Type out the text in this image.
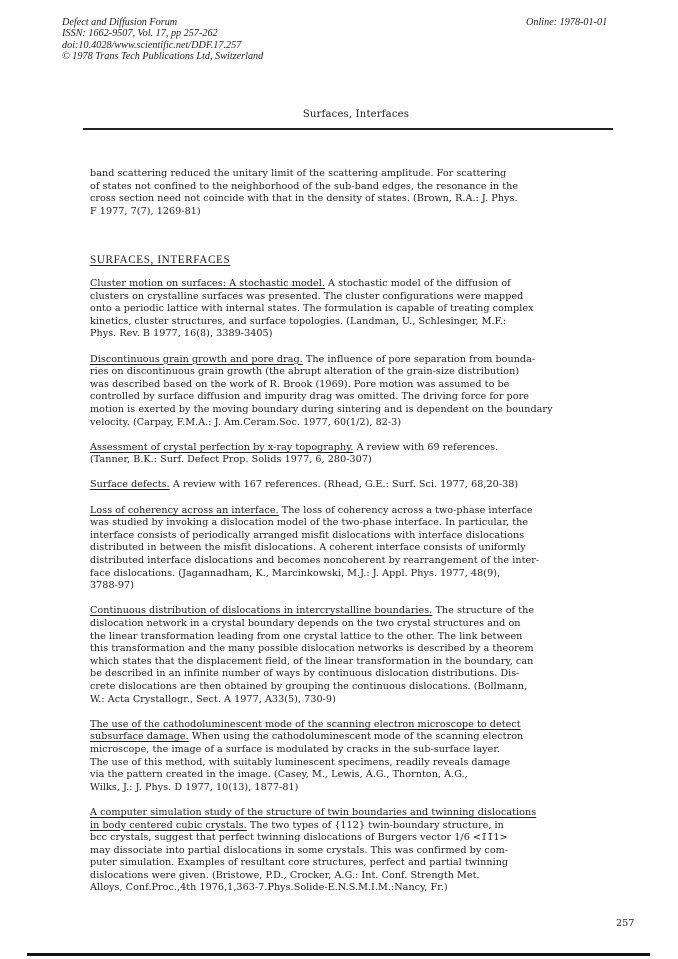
Defect and Diffusion Forum
ISSN: 1662-9507, Vol. 17, pp 257-262
doi:10.4028/www.scientific.net/DDF.17.257
© 1978 Trans Tech Publications Ltd, Switzerland
Online: 1978-01-01
Surfaces, Interfaces
band scattering reduced the unitary limit of the scattering amplitude. For scattering
of states not confined to the neighborhood of the sub-band edges, the resonance in the
cross section need not coincide with that in the density of states. (Brown, R.A.: J. Phys.
F 1977, 7(7), 1269-81)
SURFACES, INTERFACES
Cluster motion on surfaces: A stochastic model. A stochastic model of the diffusion of
clusters on crystalline surfaces was presented. The cluster configurations were mapped
onto a periodic lattice with internal states. The formulation is capable of treating complex
kinetics, cluster structures, and surface topologies. (Landman, U., Schlesinger, M.F.:
Phys. Rev. B 1977, 16(8), 3389-3405)
Discontinuous grain growth and pore drag. The influence of pore separation from bounda-
ries on discontinuous grain growth (the abrupt alteration of the grain-size distribution)
was described based on the work of R. Brook (1969). Pore motion was assumed to be
controlled by surface diffusion and impurity drag was omitted. The driving force for pore
motion is exerted by the moving boundary during sintering and is dependent on the boundary
velocity. (Carpay, F.M.A.: J. Am.Ceram.Soc. 1977, 60(1/2), 82-3)
Assessment of crystal perfection by x-ray topography. A review with 69 references.
(Tanner, B.K.: Surf. Defect Prop. Solids 1977, 6, 280-307)
Surface defects. A review with 167 references. (Rhead, G.E.: Surf. Sci. 1977, 68,20-38)
Loss of coherency across an interface. The loss of coherency across a two-phase interface
was studied by invoking a dislocation model of the two-phase interface. In particular, the
interface consists of periodically arranged misfit dislocations with interface dislocations
distributed in between the misfit dislocations. A coherent interface consists of uniformly
distributed interface dislocations and becomes noncoherent by rearrangement of the inter-
face dislocations. (Jagannadham, K., Marcinkowski, M.J.: J. Appl. Phys. 1977, 48(9),
3788-97)
Continuous distribution of dislocations in intercrystalline boundaries. The structure of the
dislocation network in a crystal boundary depends on the two crystal structures and on
the linear transformation leading from one crystal lattice to the other. The link between
this transformation and the many possible dislocation networks is described by a theorem
which states that the displacement field, of the linear transformation in the boundary, can
be described in an infinite number of ways by continuous dislocation distributions. Dis-
crete dislocations are then obtained by grouping the continuous dislocations. (Bollmann,
W.: Acta Crystallogr., Sect. A 1977, A33(5), 730-9)
The use of the cathodoluminescent mode of the scanning electron microscope to detect
subsurface damage. When using the cathodoluminescent mode of the scanning electron
microscope, the image of a surface is modulated by cracks in the sub-surface layer.
The use of this method, with suitably luminescent specimens, readily reveals damage
via the pattern created in the image. (Casey, M., Lewis, A.G., Thornton, A.G.,
Wilks, J.: J. Phys. D 1977, 10(13), 1877-81)
A computer simulation study of the structure of twin boundaries and twinning dislocations
in body centered cubic crystals. The two types of {112} twin-boundary structure, in
bcc crystals, suggest that perfect twinning dislocations of Burgers vector 1/6 <1̄1̄1>
may dissociate into partial dislocations in some crystals. This was confirmed by com-
puter simulation. Examples of resultant core structures, perfect and partial twinning
dislocations were given. (Bristowe, P.D., Crocker, A.G.: Int. Conf. Strength Met.
Alloys, Conf.Proc.,4th 1976,1,363-7.Phys.Solide-E.N.S.M.I.M.:Nancy, Fr.)
257
